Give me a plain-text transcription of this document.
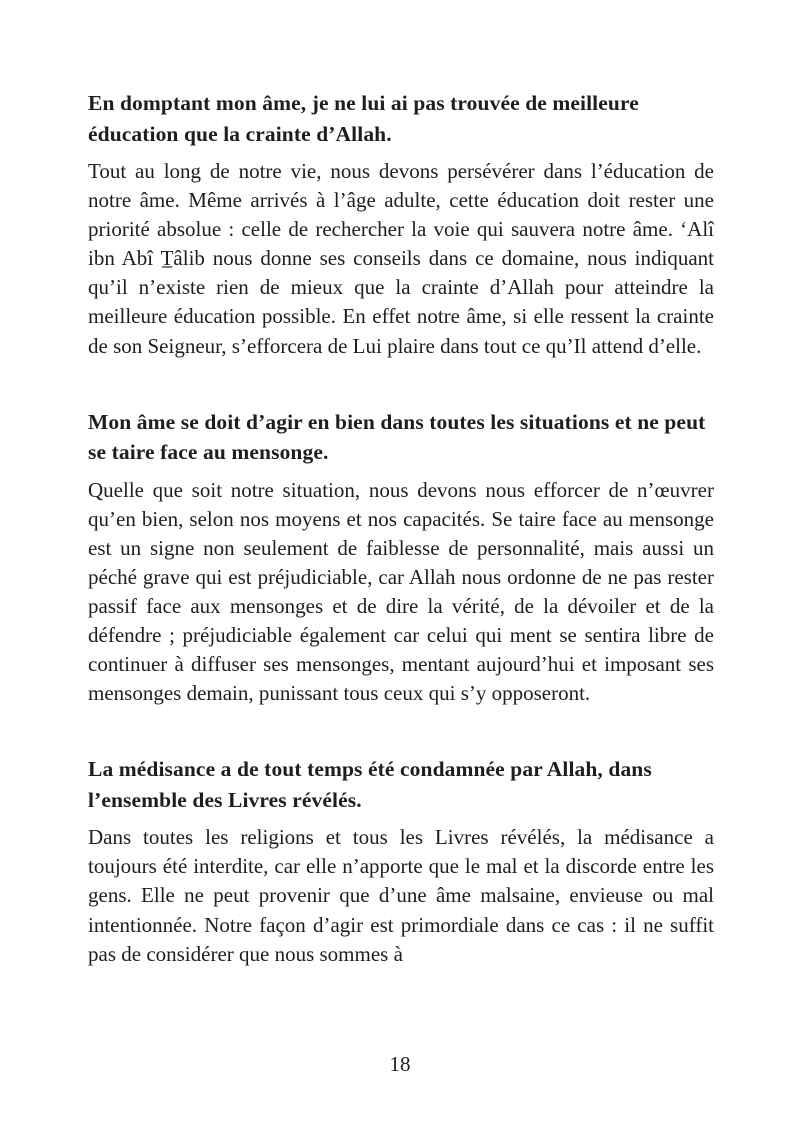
En domptant mon âme, je ne lui ai pas trouvée de meilleure éducation que la crainte d’Allah.

Tout au long de notre vie, nous devons persévérer dans l’éducation de notre âme. Même arrivés à l’âge adulte, cette éducation doit rester une priorité absolue : celle de rechercher la voie qui sauvera notre âme. ‘Alî ibn Abî T̲âlib nous donne ses conseils dans ce domaine, nous indiquant qu’il n’existe rien de mieux que la crainte d’Allah pour atteindre la meilleure éducation possible. En effet notre âme, si elle ressent la crainte de son Seigneur, s’efforcera de Lui plaire dans tout ce qu’Il attend d’elle.

Mon âme se doit d’agir en bien dans toutes les situations et ne peut se taire face au mensonge.

Quelle que soit notre situation, nous devons nous efforcer de n’œuvrer qu’en bien, selon nos moyens et nos capacités. Se taire face au mensonge est un signe non seulement de faiblesse de personnalité, mais aussi un péché grave qui est préjudiciable, car Allah nous ordonne de ne pas rester passif face aux mensonges et de dire la vérité, de la dévoiler et de la défendre ; préjudiciable également car celui qui ment se sentira libre de continuer à diffuser ses mensonges, mentant aujourd’hui et imposant ses mensonges demain, punissant tous ceux qui s’y opposeront.

La médisance a de tout temps été condamnée par Allah, dans l’ensemble des Livres révélés.

Dans toutes les religions et tous les Livres révélés, la médisance a toujours été interdite, car elle n’apporte que le mal et la discorde entre les gens. Elle ne peut provenir que d’une âme malsaine, envieuse ou mal intentionnée. Notre façon d’agir est primordiale dans ce cas : il ne suffit pas de considérer que nous sommes à

18
